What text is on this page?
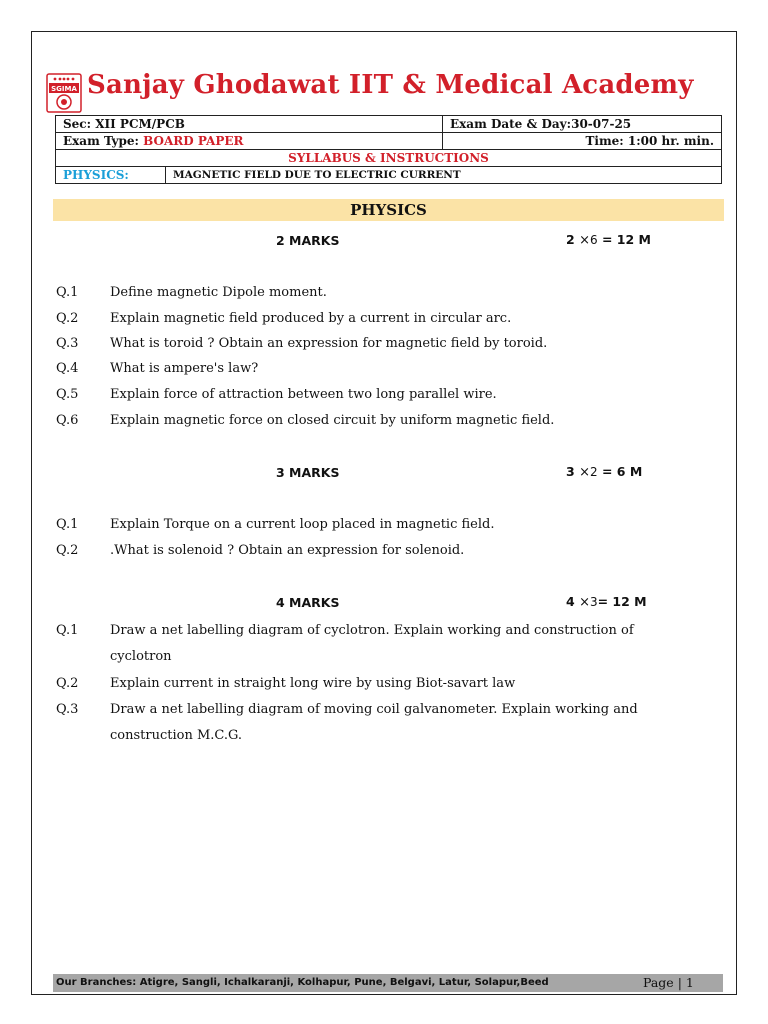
SGIMA Sanjay Ghodawat IIT & Medical Academy
Sec: XII PCM/PCB	Exam Date & Day:30-07-25
Exam Type: BOARD PAPER	Time: 1:00 hr. min.
SYLLABUS & INSTRUCTIONS	

PHYSICS: MAGNETIC FIELD DUE TO ELECTRIC CURRENT	
PHYSICS
2 MARKS	2 ×6 = 12 M
Q.1	Define magnetic Dipole moment.
Q.2	Explain magnetic field produced by a current in circular arc.
Q.3	What is toroid ? Obtain an expression for magnetic field by toroid.
Q.4	What is ampere's law?
Q.5	Explain force of attraction between two long parallel wire.
Q.6	Explain magnetic force on closed circuit by uniform magnetic field.
3 MARKS	3 ×2 = 6 M
Q.1	Explain Torque on a current loop placed in magnetic field.
Q.2	.What is solenoid ? Obtain an expression for solenoid.
4 MARKS	4 ×3= 12 M
Q.1	Draw a net labelling diagram of cyclotron. Explain working and construction of cyclotron
Q.2	Explain current in straight long wire by using Biot-savart law
Q.3	Draw a net labelling diagram of moving coil galvanometer. Explain working and construction M.C.G.
Our Branches: Atigre, Sangli, Ichalkaranji, Kolhapur, Pune, Belgavi, Latur, Solapur,Beed	Page | 1
